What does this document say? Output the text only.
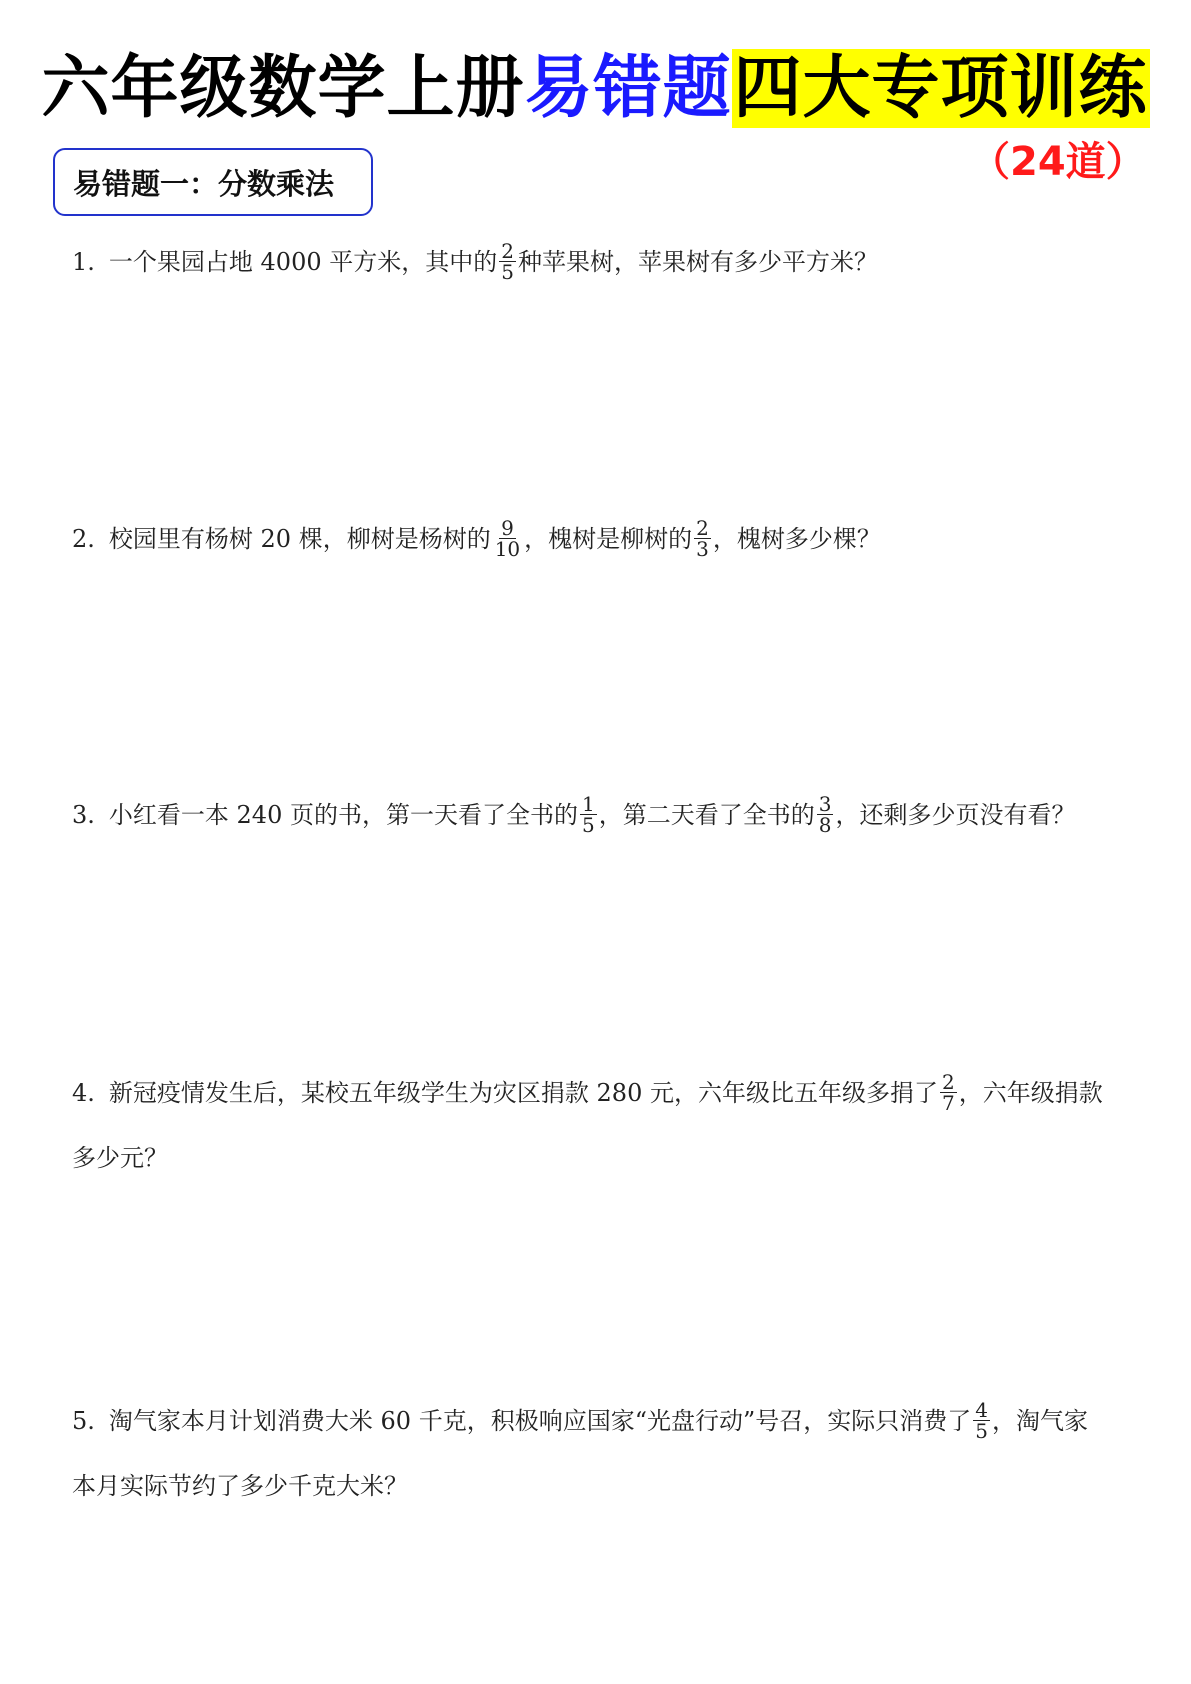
六年级数学上册易错题四大专项训练
（24道）
易错题一：分数乘法
1. 一个果园占地 4000 平方米，其中的 $\frac{2}{5}$ 种苹果树，苹果树有多少平方米？
2. 校园里有杨树 20 棵，柳树是杨树的 $\frac{9}{10}$ ，槐树是柳树的 $\frac{2}{3}$ ，槐树多少棵？
3. 小红看一本 240 页的书，第一天看了全书的 $\frac{1}{5}$ ，第二天看了全书的 $\frac{3}{8}$ ，还剩多少页没有看？
4. 新冠疫情发生后，某校五年级学生为灾区捐款 280 元，六年级比五年级多捐了 $\frac{2}{7}$ ，六年级捐款
多少元？
5. 淘气家本月计划消费大米 60 千克，积极响应国家“光盘行动”号召，实际只消费了 $\frac{4}{5}$ ，淘气家
本月实际节约了多少千克大米？
